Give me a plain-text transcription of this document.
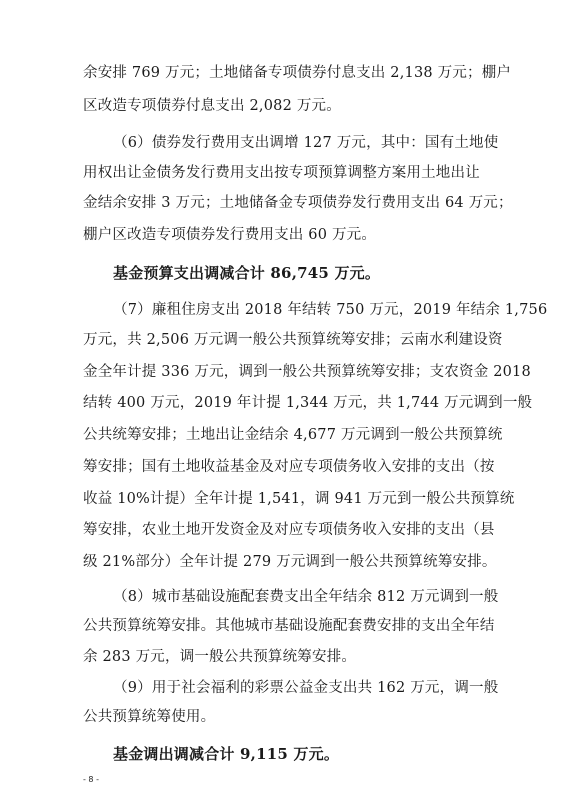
余安排 769 万元；土地储备专项债券付息支出 2,138 万元；棚户
区改造专项债券付息支出 2,082 万元。
（6）债券发行费用支出调增 127 万元，其中：国有土地使
用权出让金债务发行费用支出按专项预算调整方案用土地出让
金结余安排 3 万元；土地储备金专项债券发行费用支出 64 万元；
棚户区改造专项债券发行费用支出 60 万元。
基金预算支出调减合计 86,745 万元。
（7）廉租住房支出 2018 年结转 750 万元，2019 年结余 1,756
万元，共 2,506 万元调一般公共预算统筹安排；云南水利建设资
金全年计提 336 万元，调到一般公共预算统筹安排；支农资金 2018
结转 400 万元，2019 年计提 1,344 万元，共 1,744 万元调到一般
公共统筹安排；土地出让金结余 4,677 万元调到一般公共预算统
筹安排；国有土地收益基金及对应专项债务收入安排的支出（按
收益 10%计提）全年计提 1,541，调 941 万元到一般公共预算统
筹安排，农业土地开发资金及对应专项债务收入安排的支出（县
级 21%部分）全年计提 279 万元调到一般公共预算统筹安排。
（8）城市基础设施配套费支出全年结余 812 万元调到一般
公共预算统筹安排。其他城市基础设施配套费安排的支出全年结
余 283 万元，调一般公共预算统筹安排。
（9）用于社会福利的彩票公益金支出共 162 万元，调一般
公共预算统筹使用。
基金调出调减合计 9,115 万元。
- 8 -
